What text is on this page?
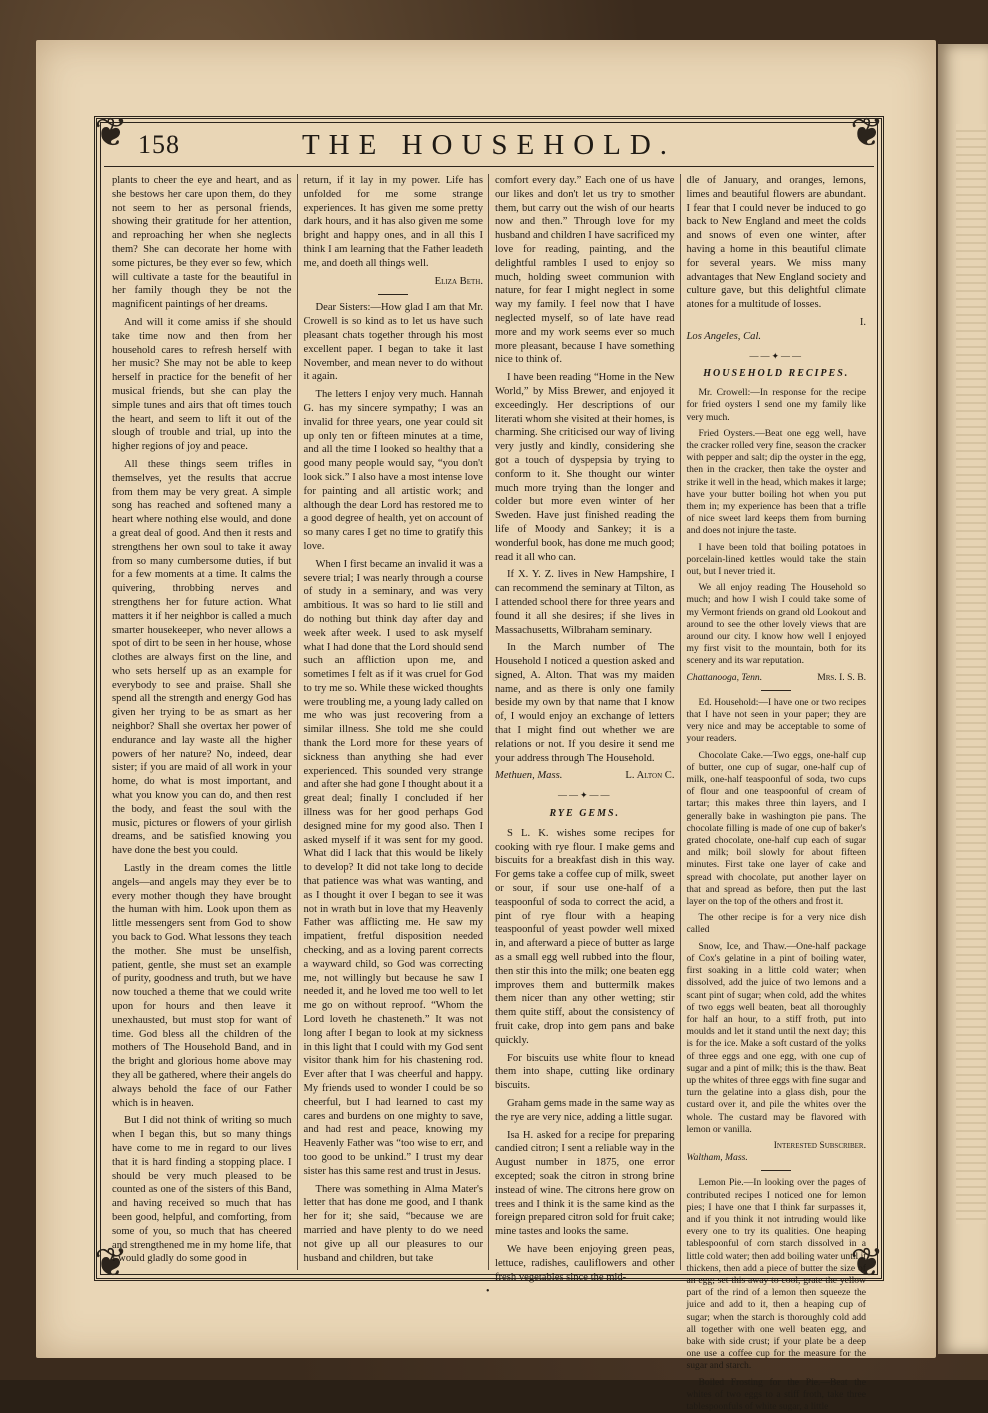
❦	❦
❦	❦
158	THE HOUSEHOLD.

plants to cheer the eye and heart, and as she bestows her care upon them, do they not seem to her as personal friends, showing their gratitude for her attention, and reproaching her when she neglects them? She can decorate her home with some pictures, be they ever so few, which will cultivate a taste for the beautiful in her family though they be not the magnificent paintings of her dreams.

And will it come amiss if she should take time now and then from her household cares to refresh herself with her music? She may not be able to keep herself in practice for the benefit of her musical friends, but she can play the simple tunes and airs that oft times touch the heart, and seem to lift it out of the slough of trouble and trial, up into the higher regions of joy and peace.

All these things seem trifles in themselves, yet the results that accrue from them may be very great. A simple song has reached and softened many a heart where nothing else would, and done a great deal of good. And then it rests and strengthens her own soul to take it away from so many cumbersome duties, if but for a few moments at a time. It calms the quivering, throbbing nerves and strengthens her for future action. What matters it if her neighbor is called a much smarter housekeeper, who never allows a spot of dirt to be seen in her house, whose clothes are always first on the line, and who sets herself up as an example for everybody to see and praise. Shall she spend all the strength and energy God has given her trying to be as smart as her neighbor? Shall she overtax her power of endurance and lay waste all the higher powers of her nature? No, indeed, dear sister; if you are maid of all work in your home, do what is most important, and what you know you can do, and then rest the body, and feast the soul with the music, pictures or flowers of your girlish dreams, and be satisfied knowing you have done the best you could.

Lastly in the dream comes the little angels—and angels may they ever be to every mother though they have brought the human with him. Look upon them as little messengers sent from God to show you back to God. What lessons they teach the mother. She must be unselfish, patient, gentle, she must set an example of purity, goodness and truth, but we have now touched a theme that we could write upon for hours and then leave it unexhausted, but must stop for want of time. God bless all the children of the mothers of The Household Band, and in the bright and glorious home above may they all be gathered, where their angels do always behold the face of our Father which is in heaven.

But I did not think of writing so much when I began this, but so many things have come to me in regard to our lives that it is hard finding a stopping place. I should be very much pleased to be counted as one of the sisters of this Band, and having received so much that has been good, helpful, and comforting, from some of you, so much that has cheered and strengthened me in my home life, that I would gladly do some good in

return, if it lay in my power. Life has unfolded for me some strange experiences. It has given me some pretty dark hours, and it has also given me some bright and happy ones, and in all this I think I am learning that the Father leadeth me, and doeth all things well.

Eliza Beth.

Dear Sisters:—How glad I am that Mr. Crowell is so kind as to let us have such pleasant chats together through his most excellent paper. I began to take it last November, and mean never to do without it again.

The letters I enjoy very much. Hannah G. has my sincere sympathy; I was an invalid for three years, one year could sit up only ten or fifteen minutes at a time, and all the time I looked so healthy that a good many people would say, “you don't look sick.” I also have a most intense love for painting and all artistic work; and although the dear Lord has restored me to a good degree of health, yet on account of so many cares I get no time to gratify this love.

When I first became an invalid it was a severe trial; I was nearly through a course of study in a seminary, and was very ambitious. It was so hard to lie still and do nothing but think day after day and week after week. I used to ask myself what I had done that the Lord should send such an affliction upon me, and sometimes I felt as if it was cruel for God to try me so. While these wicked thoughts were troubling me, a young lady called on me who was just recovering from a similar illness. She told me she could thank the Lord more for these years of sickness than anything she had ever experienced. This sounded very strange and after she had gone I thought about it a great deal; finally I concluded if her illness was for her good perhaps God designed mine for my good also. Then I asked myself if it was sent for my good. What did I lack that this would be likely to develop? It did not take long to decide that patience was what was wanting, and as I thought it over I began to see it was not in wrath but in love that my Heavenly Father was afflicting me. He saw my impatient, fretful disposition needed checking, and as a loving parent corrects a wayward child, so God was correcting me, not willingly but because he saw I needed it, and he loved me too well to let me go on without reproof. “Whom the Lord loveth he chasteneth.” It was not long after I began to look at my sickness in this light that I could with my God sent visitor thank him for his chastening rod. Ever after that I was cheerful and happy. My friends used to wonder I could be so cheerful, but I had learned to cast my cares and burdens on one mighty to save, and had rest and peace, knowing my Heavenly Father was “too wise to err, and too good to be unkind.” I trust my dear sister has this same rest and trust in Jesus.

There was something in Alma Mater's letter that has done me good, and I thank her for it; she said, “because we are married and have plenty to do we need not give up all our pleasures to our husband and children, but take

comfort every day.” Each one of us have our likes and don't let us try to smother them, but carry out the wish of our hearts now and then.” Through love for my husband and children I have sacrificed my love for reading, painting, and the delightful rambles I used to enjoy so much, holding sweet communion with nature, for fear I might neglect in some way my family. I feel now that I have neglected myself, so of late have read more and my work seems ever so much more pleasant, because I have something nice to think of.

I have been reading “Home in the New World,” by Miss Brewer, and enjoyed it exceedingly. Her descriptions of our literati whom she visited at their homes, is charming. She criticised our way of living very justly and kindly, considering she got a touch of dyspepsia by trying to conform to it. She thought our winter much more trying than the longer and colder but more even winter of her Sweden. Have just finished reading the life of Moody and Sankey; it is a wonderful book, has done me much good; read it all who can.

If X. Y. Z. lives in New Hampshire, I can recommend the seminary at Tilton, as I attended school there for three years and found it all she desires; if she lives in Massachusetts, Wilbraham seminary.

In the March number of The Household I noticed a question asked and signed, A. Alton. That was my maiden name, and as there is only one family beside my own by that name that I know of, I would enjoy an exchange of letters that I might find out whether we are relations or not. If you desire it send me your address through The Household.

Methuen, Mass.	L. Alton C.
——✦——
RYE GEMS.

S L. K. wishes some recipes for cooking with rye flour. I make gems and biscuits for a breakfast dish in this way. For gems take a coffee cup of milk, sweet or sour, if sour use one-half of a teaspoonful of soda to correct the acid, a pint of rye flour with a heaping teaspoonful of yeast powder well mixed in, and afterward a piece of butter as large as a small egg well rubbed into the flour, then stir this into the milk; one beaten egg improves them and buttermilk makes them nicer than any other wetting; stir them quite stiff, about the consistency of fruit cake, drop into gem pans and bake quickly.

For biscuits use white flour to knead them into shape, cutting like ordinary biscuits.

Graham gems made in the same way as the rye are very nice, adding a little sugar.

Isa H. asked for a recipe for preparing candied citron; I sent a reliable way in the August number in 1875, one error excepted; soak the citron in strong brine instead of wine. The citrons here grow on trees and I think it is the same kind as the foreign prepared citron sold for fruit cake; mine tastes and looks the same.

We have been enjoying green peas, lettuce, radishes, cauliflowers and other fresh vegetables since the mid-

dle of January, and oranges, lemons, limes and beautiful flowers are abundant. I fear that I could never be induced to go back to New England and meet the colds and snows of even one winter, after having a home in this beautiful climate for several years. We miss many advantages that New England society and culture gave, but this delightful climate atones for a multitude of losses.

I.
Los Angeles, Cal.
——✦——
HOUSEHOLD RECIPES.

Mr. Crowell:—In response for the recipe for fried oysters I send one my family like very much.

Fried Oysters.—Beat one egg well, have the cracker rolled very fine, season the cracker with pepper and salt; dip the oyster in the egg, then in the cracker, then take the oyster and strike it well in the head, which makes it large; have your butter boiling hot when you put them in; my experience has been that a trifle of nice sweet lard keeps them from burning and does not injure the taste.

I have been told that boiling potatoes in porcelain-lined kettles would take the stain out, but I never tried it.

We all enjoy reading The Household so much; and how I wish I could take some of my Vermont friends on grand old Lookout and around to see the other lovely views that are around our city. I know how well I enjoyed my first visit to the mountain, both for its scenery and its war reputation.

Chattanooga, Tenn.	Mrs. I. S. B.

Ed. Household:—I have one or two recipes that I have not seen in your paper; they are very nice and may be acceptable to some of your readers.

Chocolate Cake.—Two eggs, one-half cup of butter, one cup of sugar, one-half cup of milk, one-half teaspoonful of soda, two cups of flour and one teaspoonful of cream of tartar; this makes three thin layers, and I generally bake in washington pie pans. The chocolate filling is made of one cup of baker's grated chocolate, one-half cup each of sugar and milk; boil slowly for about fifteen minutes. First take one layer of cake and spread with chocolate, put another layer on that and spread as before, then put the last layer on the top of the others and frost it.

The other recipe is for a very nice dish called

Snow, Ice, and Thaw.—One-half package of Cox's gelatine in a pint of boiling water, first soaking in a little cold water; when dissolved, add the juice of two lemons and a scant pint of sugar; when cold, add the whites of two eggs well beaten, beat all thoroughly for half an hour, to a stiff froth, put into moulds and let it stand until the next day; this is for the ice. Make a soft custard of the yolks of three eggs and one egg, with one cup of sugar and a pint of milk; this is the thaw. Beat up the whites of three eggs with fine sugar and turn the gelatine into a glass dish, pour the custard over it, and pile the whites over the whole. The custard may be flavored with lemon or vanilla.

Interested Subscriber.
Waltham, Mass.

Lemon Pie.—In looking over the pages of contributed recipes I noticed one for lemon pies; I have one that I think far surpasses it, and if you think it not intruding would like every one to try its qualities. One heaping tablespoonful of corn starch dissolved in a little cold water; then add boiling water until it thickens, then add a piece of butter the size of an egg; set this away to cool, grate the yellow part of the rind of a lemon then squeeze the juice and add to it, then a heaping cup of sugar; when the starch is thoroughly cold add all together with one well beaten egg, and bake with side crust; if your plate be a deep one use a coffee cup for the measure for the sugar and starch.

Boiled Frosting for the Pie.—Beat the whites of two eggs to a stiff froth, take three tablespoonfuls of white sugar, a little

•
